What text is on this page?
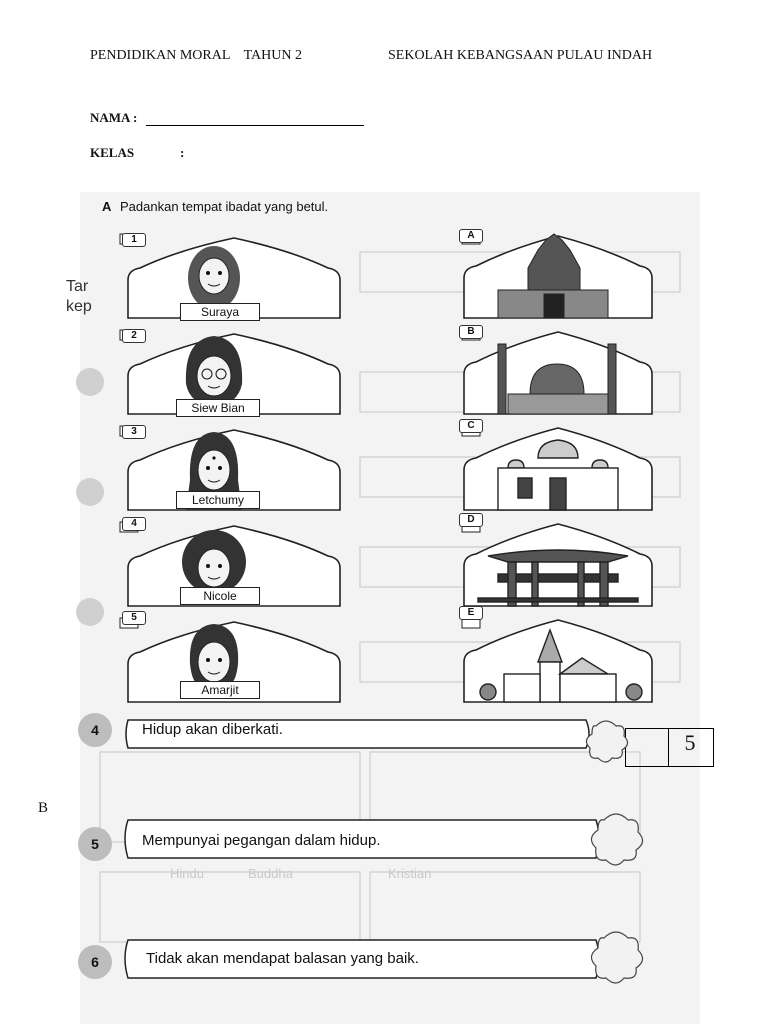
PENDIDIKAN MORAL    TAHUN 2	SEKOLAH KEBANGSAAN PULAU INDAH
NAMA :
KELAS	:
Tar
kep
Kristian
Buddha
Hindu
A Padankan tempat ibadat yang betul.
1
2
3
4
5
Suraya
Siew Bian
Letchumy
Nicole
Amarjit
A
B
C
D
E
5
B
4	Hidup akan diberkati.
5	Mempunyai pegangan dalam hidup.
6	Tidak akan mendapat balasan yang baik.
